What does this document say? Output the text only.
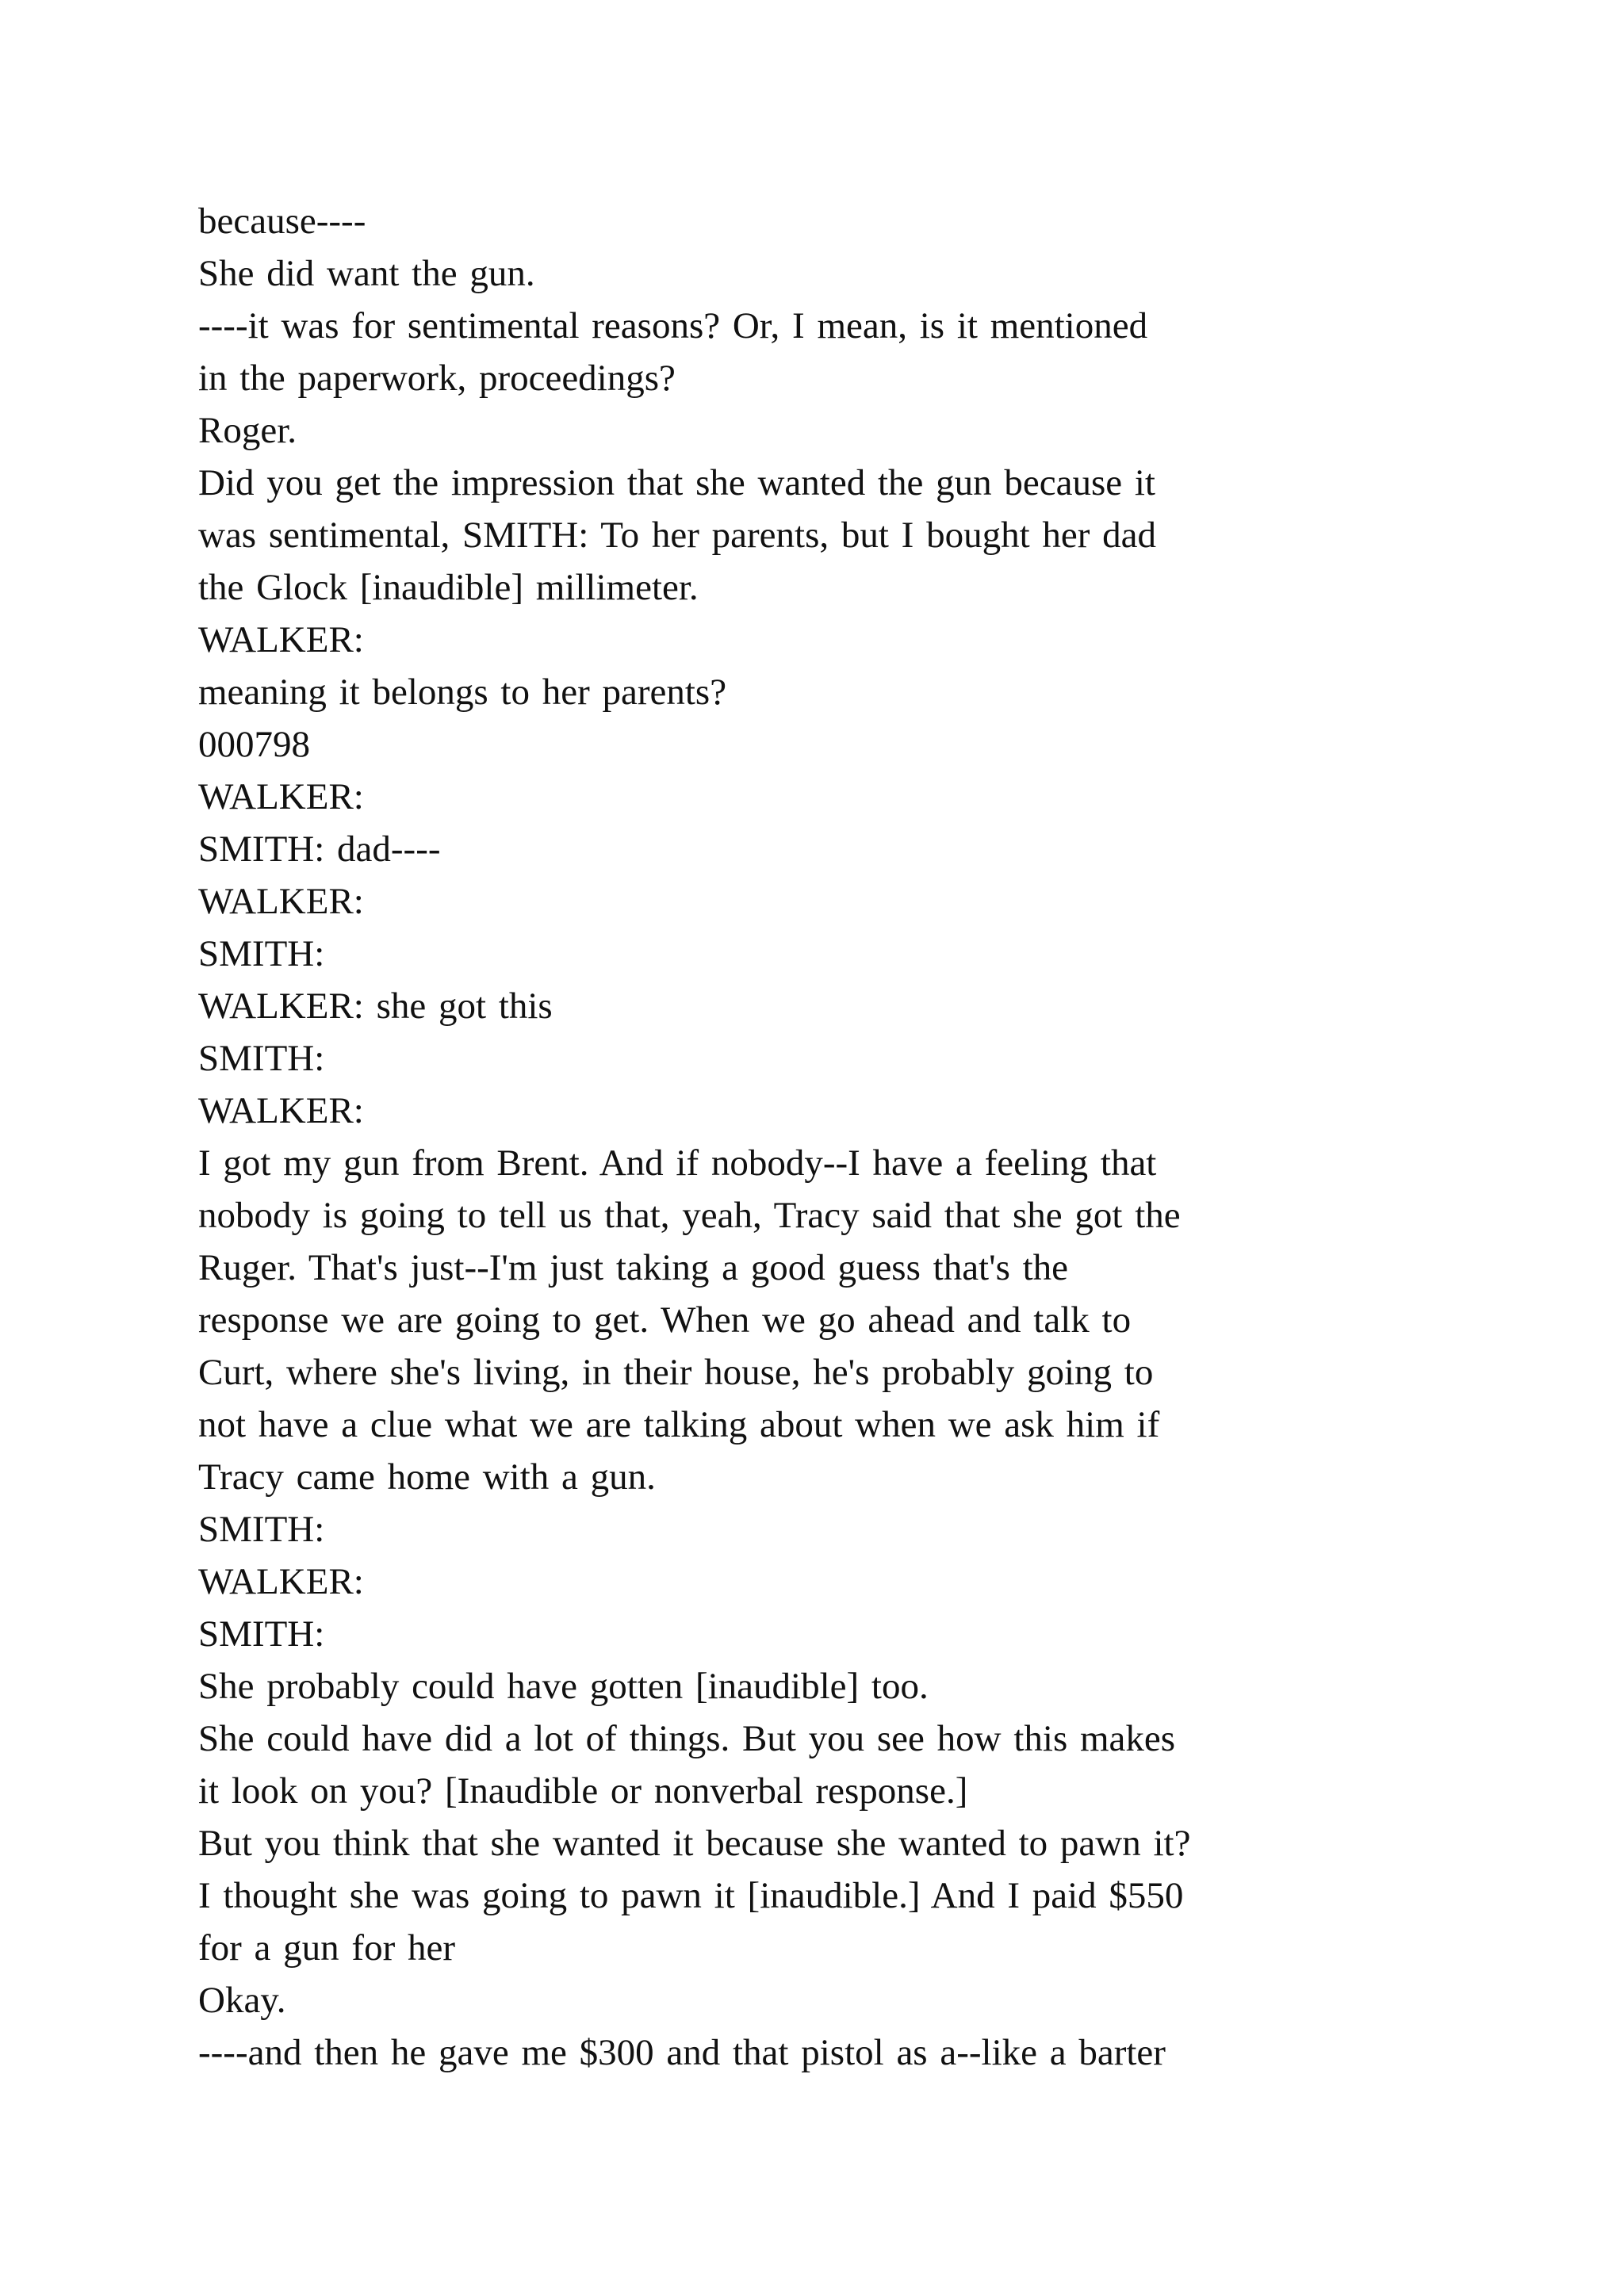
because----
She did want the gun.
----it was for sentimental reasons? Or, I mean, is it mentioned
in the paperwork, proceedings?
Roger.
Did you get the impression that she wanted the gun because it
was sentimental, SMITH: To her parents, but I bought her dad
the Glock [inaudible] millimeter.
WALKER:
meaning it belongs to her parents?
000798
WALKER:
SMITH: dad----
WALKER:
SMITH:
WALKER: she got this
SMITH:
WALKER:
I got my gun from Brent. And if nobody--I have a feeling that
nobody is going to tell us that, yeah, Tracy said that she got the
Ruger. That's just--I'm just taking a good guess that's the
response we are going to get. When we go ahead and talk to
Curt, where she's living, in their house, he's probably going to
not have a clue what we are talking about when we ask him if
Tracy came home with a gun.
SMITH:
WALKER:
SMITH:
She probably could have gotten [inaudible] too.
She could have did a lot of things. But you see how this makes
it look on you? [Inaudible or nonverbal response.]
But you think that she wanted it because she wanted to pawn it?
I thought she was going to pawn it [inaudible.] And I paid $550
for a gun for her
Okay.
----and then he gave me $300 and that pistol as a--like a barter
